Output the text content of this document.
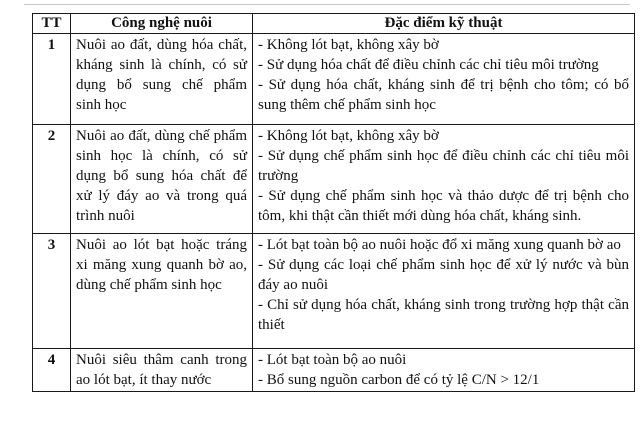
TT	Công nghệ nuôi	Đặc điểm kỹ thuật
1	Nuôi ao đất, dùng hóa chất, kháng sinh là chính, có sử dụng bổ sung chế phẩm sinh học	- Không lót bạt, không xây bờ
- Sử dụng hóa chất để điều chỉnh các chỉ tiêu môi trường
- Sử dụng hóa chất, kháng sinh để trị bệnh cho tôm; có bổ sung thêm chế phẩm sinh học

2	Nuôi ao đất, dùng chế phẩm sinh học là chính, có sử dụng bổ sung hóa chất để xử lý đáy ao và trong quá trình nuôi	- Không lót bạt, không xây bờ
- Sử dụng chế phẩm sinh học để điều chỉnh các chỉ tiêu môi trường
- Sử dụng chế phẩm sinh học và thảo dược để trị bệnh cho tôm, khi thật cần thiết mới dùng hóa chất, kháng sinh.

3	Nuôi ao lót bạt hoặc tráng xi măng xung quanh bờ ao, dùng chế phẩm sinh học	- Lót bạt toàn bộ ao nuôi hoặc đổ xi măng xung quanh bờ ao
- Sử dụng các loại chế phẩm sinh học để xử lý nước và bùn đáy ao nuôi
- Chỉ sử dụng hóa chất, kháng sinh trong trường hợp thật cần thiết

4	Nuôi siêu thâm canh trong ao lót bạt, ít thay nước	- Lót bạt toàn bộ ao nuôi
- Bổ sung nguồn carbon để có tỷ lệ C/N > 12/1
